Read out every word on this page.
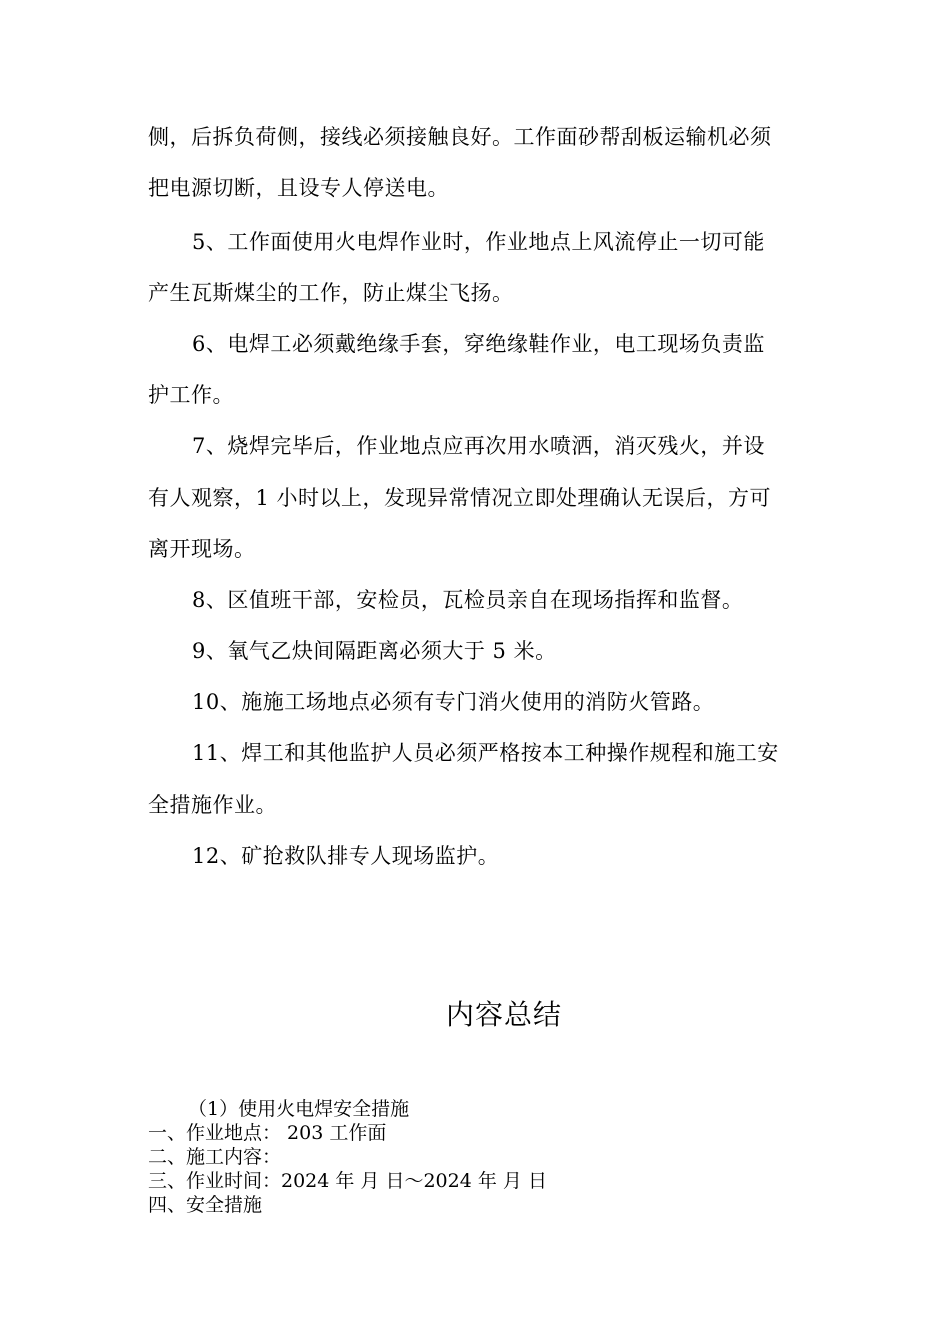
侧，后拆负荷侧，接线必须接触良好。工作面砂帮刮板运输机必须
把电源切断，且设专人停送电。
5、工作面使用火电焊作业时，作业地点上风流停止一切可能
产生瓦斯煤尘的工作，防止煤尘飞扬。
6、电焊工必须戴绝缘手套，穿绝缘鞋作业，电工现场负责监
护工作。
7、烧焊完毕后，作业地点应再次用水喷洒，消灭残火，并设
有人观察，1 小时以上，发现异常情况立即处理确认无误后，方可
离开现场。
8、区值班干部，安检员，瓦检员亲自在现场指挥和监督。
9、氧气乙炔间隔距离必须大于 5 米。
10、施施工场地点必须有专门消火使用的消防火管路。
11、焊工和其他监护人员必须严格按本工种操作规程和施工安
全措施作业。
12、矿抢救队排专人现场监护。
内容总结
（1）使用火电焊安全措施
一、作业地点： 203 工作面
二、施工内容：
三、作业时间：2024 年 月 日～2024 年 月 日
四、安全措施
